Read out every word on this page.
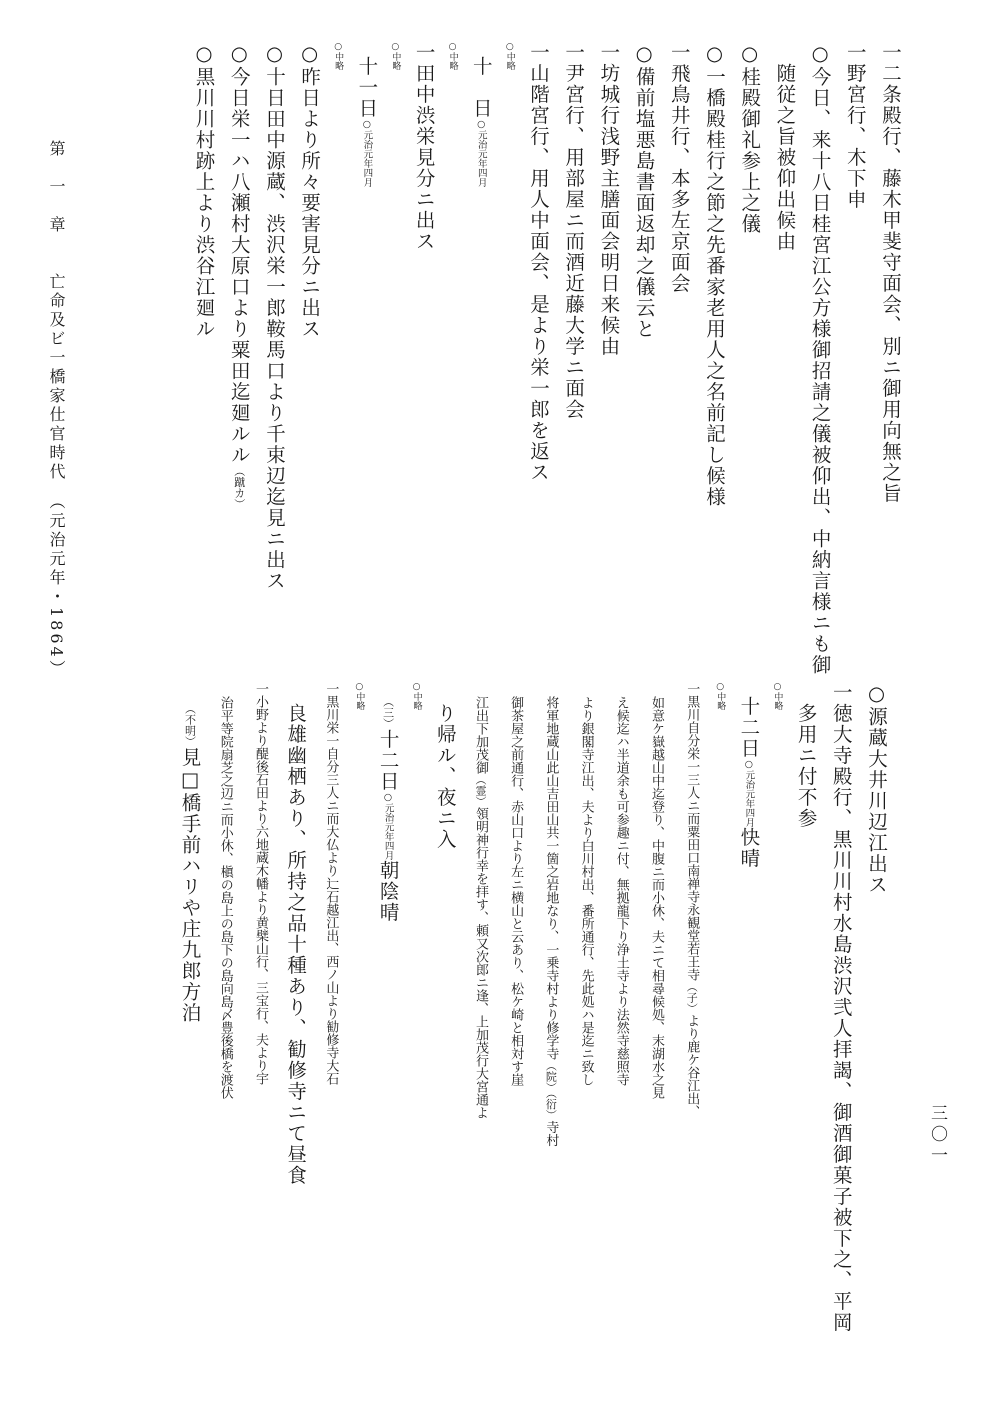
一二条殿行、藤木甲斐守面会、別ニ御用向無之旨
一野宮行、木下申
○今日、来十八日桂宮江公方様御招請之儀被仰出、中納言様ニも御
随従之旨被仰出候由
○桂殿御礼参上之儀
○一橋殿桂行之節之先番家老用人之名前記し候様
一飛鳥井行、本多左京面会
○備前塩悪島書面返却之儀云と
一坊城行浅野主膳面会明日来候由
一尹宮行、用部屋ニ而酒近藤大学ニ面会
一山階宮行、用人中面会、是より栄一郎を返ス
○中略
十　日○元治元年四月
○中略
一田中渋栄見分ニ出ス
○中略
十一日○元治元年四月
○中略
○昨日より所々要害見分ニ出ス
○十日田中源蔵、渋沢栄一郎鞍馬口より千束辺迄見ニ出ス
○今日栄一ハ八瀬村大原口より粟田迄廻ルル（蹴カ）
○黒川川村跡上より渋谷江廻ル
○源蔵大井川辺江出ス
一徳大寺殿行、黒川川村水島渋沢弐人拝謁、御酒御菓子被下之、平岡
多用ニ付不参
○中略
十二日○元治元年四月快晴
○中略
一黒川自分栄一三人ニ而粟田口南禅寺永観堂若王寺（子）より鹿ケ谷江出、
如意ケ嶽越山中迄登り、中腹ニ而小休、夫ニて相尋候処、末湖水之見
え候迄ハ半道余も可参趣ニ付、無拠龍下り浄土寺より法然寺慈照寺
より銀閣寺江出、夫より白川村出、番所通行、先此処ハ是迄ニ致し
将軍地蔵山此山吉田山共一箇之岩地なり、一乗寺村より修学寺（院）（衍）寺村
御茶屋之前通行、赤山口より左ニ横山と云あり、松ケ崎と相対す崖
江出下加茂御（霊）領明神行幸を拝す、頼又次郎ニ逢、上加茂行大宮通よ
り帰ル、夜ニ入
○中略
（三）十二日○元治元年四月朝陰晴
○中略
一黒川栄一自分三人ニ而大仏より辷石越江出、西ノ山より勧修寺大石
良雄幽栖あり、所持之品十種あり、勧修寺ニて昼食
一小野より醍後石田より六地蔵木幡より黄檗山行、三宝行、夫より宇
治平等院扇芝之辺ニ而小休、槇の島上の島下の島向島〆豊後橋を渡伏
（不明）見□橋手前ハリや庄九郎方泊
第　一　章　　亡命及ビ一橋家仕官時代　（元治元年・1864）
三〇一
